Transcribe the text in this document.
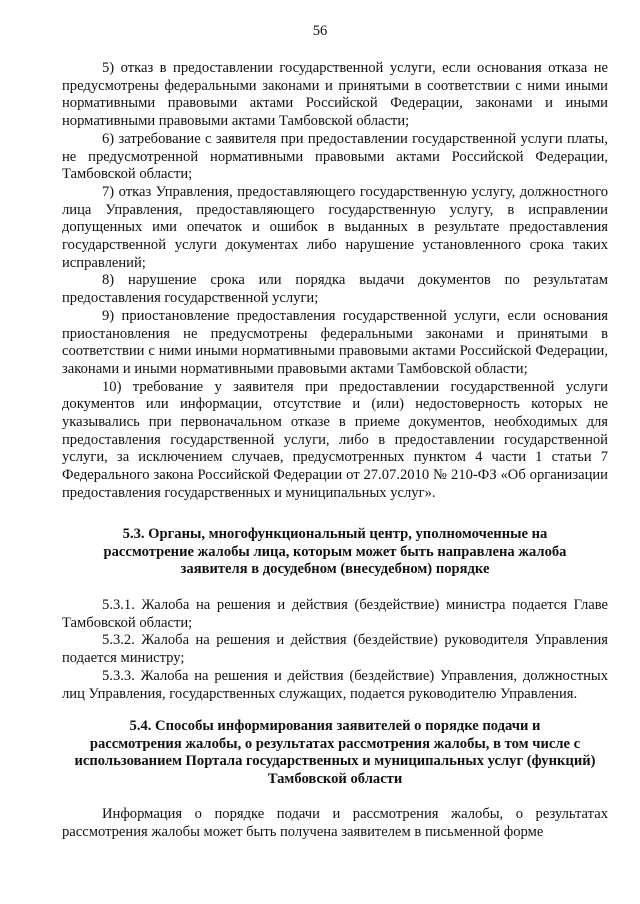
56

5) отказ в предоставлении государственной услуги, если основания отказа не предусмотрены федеральными законами и принятыми в соответствии с ними иными нормативными правовыми актами Российской Федерации, законами и иными нормативными правовыми актами Тамбовской области;

6) затребование с заявителя при предоставлении государственной услуги платы, не предусмотренной нормативными правовыми актами Российской Федерации, Тамбовской области;

7) отказ Управления, предоставляющего государственную услугу, должностного лица Управления, предоставляющего государственную услугу, в исправлении допущенных ими опечаток и ошибок в выданных в результате предоставления государственной услуги документах либо нарушение установленного срока таких исправлений;

8) нарушение срока или порядка выдачи документов по результатам предоставления государственной услуги;

9) приостановление предоставления государственной услуги, если основания приостановления не предусмотрены федеральными законами и принятыми в соответствии с ними иными нормативными правовыми актами Российской Федерации, законами и иными нормативными правовыми актами Тамбовской области;

10) требование у заявителя при предоставлении государственной услуги документов или информации, отсутствие и (или) недостоверность которых не указывались при первоначальном отказе в приеме документов, необходимых для предоставления государственной услуги, либо в предоставлении государственной услуги, за исключением случаев, предусмотренных пунктом 4 части 1 статьи 7 Федерального закона Российской Федерации от 27.07.2010 № 210-ФЗ «Об организации предоставления государственных и муниципальных услуг».

5.3. Органы, многофункциональный центр, уполномоченные на
рассмотрение жалобы лица, которым может быть направлена жалоба
заявителя в досудебном (внесудебном) порядке

5.3.1. Жалоба на решения и действия (бездействие) министра подается Главе Тамбовской области;

5.3.2. Жалоба на решения и действия (бездействие) руководителя Управления подается министру;

5.3.3. Жалоба на решения и действия (бездействие) Управления, должностных лиц Управления, государственных служащих, подается руководителю Управления.

5.4. Способы информирования заявителей о порядке подачи и
рассмотрения жалобы, о результатах рассмотрения жалобы, в том числе с
использованием Портала государственных и муниципальных услуг (функций)
Тамбовской области

Информация о порядке подачи и рассмотрения жалобы, о результатах рассмотрения жалобы может быть получена заявителем в письменной форме
